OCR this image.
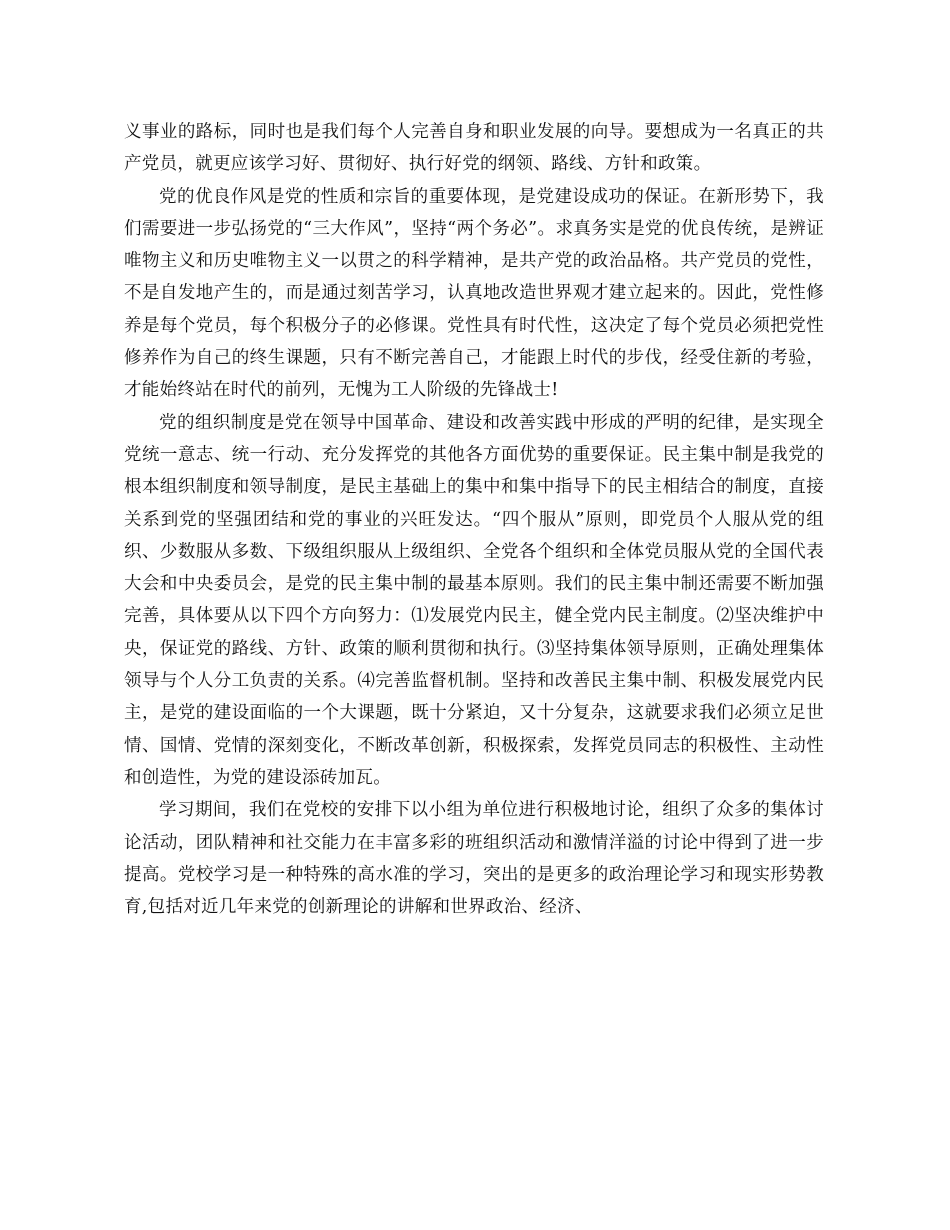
义事业的路标，同时也是我们每个人完善自身和职业发展的向导。要想成为一名真正的共产党员，就更应该学习好、贯彻好、执行好党的纲领、路线、方针和政策。

党的优良作风是党的性质和宗旨的重要体现，是党建设成功的保证。在新形势下，我们需要进一步弘扬党的“三大作风”，坚持“两个务必”。求真务实是党的优良传统，是辨证唯物主义和历史唯物主义一以贯之的科学精神，是共产党的政治品格。共产党员的党性，不是自发地产生的，而是通过刻苦学习，认真地改造世界观才建立起来的。因此，党性修养是每个党员，每个积极分子的必修课。党性具有时代性，这决定了每个党员必须把党性修养作为自己的终生课题，只有不断完善自己，才能跟上时代的步伐，经受住新的考验，才能始终站在时代的前列，无愧为工人阶级的先锋战士!

党的组织制度是党在领导中国革命、建设和改善实践中形成的严明的纪律，是实现全党统一意志、统一行动、充分发挥党的其他各方面优势的重要保证。民主集中制是我党的根本组织制度和领导制度，是民主基础上的集中和集中指导下的民主相结合的制度，直接关系到党的坚强团结和党的事业的兴旺发达。“四个服从”原则，即党员个人服从党的组织、少数服从多数、下级组织服从上级组织、全党各个组织和全体党员服从党的全国代表大会和中央委员会，是党的民主集中制的最基本原则。我们的民主集中制还需要不断加强完善，具体要从以下四个方向努力：⑴发展党内民主，健全党内民主制度。⑵坚决维护中央，保证党的路线、方针、政策的顺利贯彻和执行。⑶坚持集体领导原则，正确处理集体领导与个人分工负责的关系。⑷完善监督机制。坚持和改善民主集中制、积极发展党内民主，是党的建设面临的一个大课题，既十分紧迫，又十分复杂，这就要求我们必须立足世情、国情、党情的深刻变化，不断改革创新，积极探索，发挥党员同志的积极性、主动性和创造性，为党的建设添砖加瓦。

学习期间，我们在党校的安排下以小组为单位进行积极地讨论，组织了众多的集体讨论活动，团队精神和社交能力在丰富多彩的班组织活动和激情洋溢的讨论中得到了进一步提高。党校学习是一种特殊的高水准的学习，突出的是更多的政治理论学习和现实形势教育,包括对近几年来党的创新理论的讲解和世界政治、经济、
